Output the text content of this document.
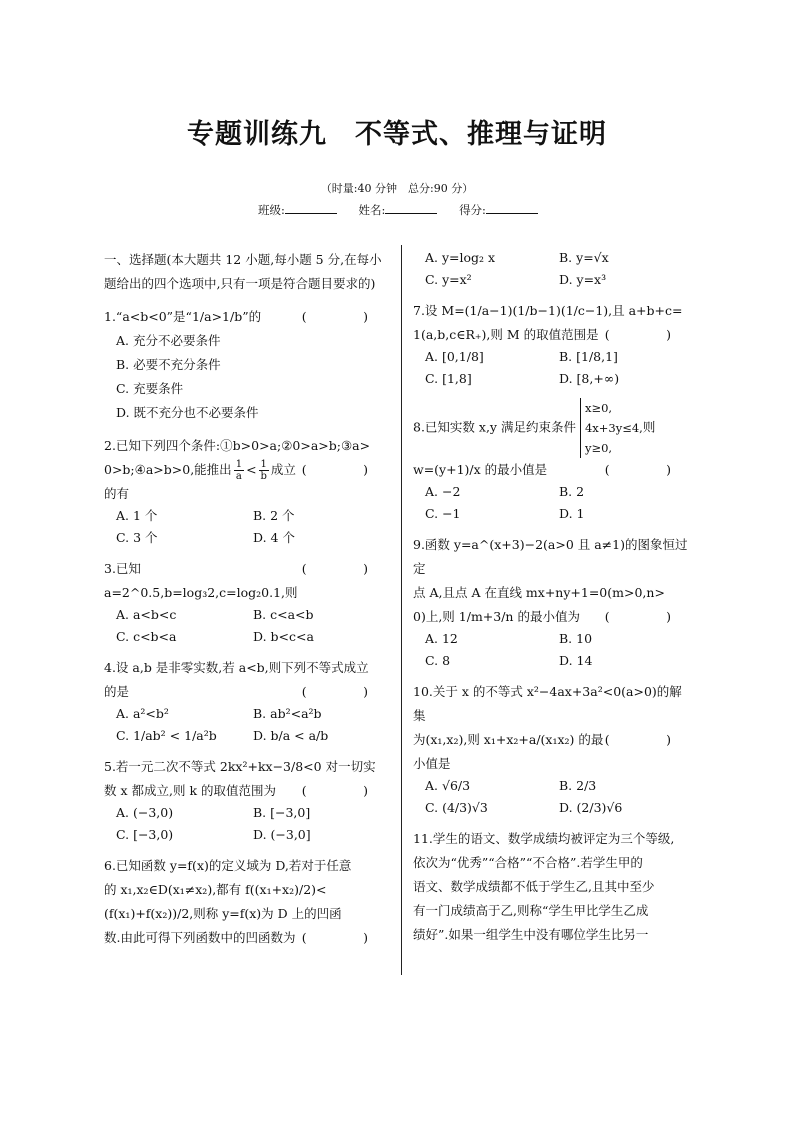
专题训练九　不等式、推理与证明
（时量:40 分钟　总分:90 分）
班级:	姓名:	得分:

一、选择题(本大题共 12 小题,每小题 5 分,在每小题给出的四个选项中,只有一项是符合题目要求的)

(　)
1.“a<b<0”是“1/a>1/b”的

A. 充分不必要条件
B. 必要不充分条件
C. 充要条件
D. 既不充分也不必要条件

2.已知下列四个条件:①b>0>a;②0>a>b;③a>

(　)
0>b;④a>b>0,能推出 $\frac{1}{a} < \frac{1}{b}$ 成立的有

A. 1 个	B. 2 个
C. 3 个	D. 4 个

(　)
3.已知 a=2^0.5,b=log₃2,c=log₂0.1,则

A. a<b<c	B. c<a<b
C. c<b<a	D. b<c<a

4.设 a,b 是非零实数,若 a<b,则下列不等式成立

(　)
的是

A. a²<b²	B. ab²<a²b
C. 1/ab² < 1/a²b	D. b/a < a/b

5.若一元二次不等式 2kx²+kx−3/8<0 对一切实

(　)
数 x 都成立,则 k 的取值范围为

A. (−3,0)	B. [−3,0]
C. [−3,0)	D. (−3,0]

6.已知函数 y=f(x)的定义域为 D,若对于任意

的 x₁,x₂∈D(x₁≠x₂),都有 f((x₁+x₂)/2)<

(f(x₁)+f(x₂))/2,则称 y=f(x)为 D 上的凹函

(　)
数.由此可得下列函数中的凹函数为

A. y=log₂ x	B. y=√x
C. y=x²	D. y=x³

7.设 M=(1/a−1)(1/b−1)(1/c−1),且 a+b+c=

(　)
1(a,b,c∈R₊),则 M 的取值范围是

A. [0,1/8]	B. [1/8,1]
C. [1,8]	D. [8,+∞)

8.已知实数 x,y 满足约束条件 x≥0,
4x+3y≤4,
y≥0,则

(　)
w=(y+1)/x 的最小值是

A. −2	B. 2
C. −1	D. 1

9.函数 y=a^(x+3)−2(a>0 且 a≠1)的图象恒过定

点 A,且点 A 在直线 mx+ny+1=0(m>0,n>

(　)
0)上,则 1/m+3/n 的最小值为

A. 12	B. 10
C. 8	D. 14

10.关于 x 的不等式 x²−4ax+3a²<0(a>0)的解集

(　)
为(x₁,x₂),则 x₁+x₂+a/(x₁x₂) 的最小值是

A. √6/3	B. 2/3
C. (4/3)√3	D. (2/3)√6

11.学生的语文、数学成绩均被评定为三个等级,

依次为“优秀”“合格”“不合格”.若学生甲的

语文、数学成绩都不低于学生乙,且其中至少

有一门成绩高于乙,则称“学生甲比学生乙成

绩好”.如果一组学生中没有哪位学生比另一
